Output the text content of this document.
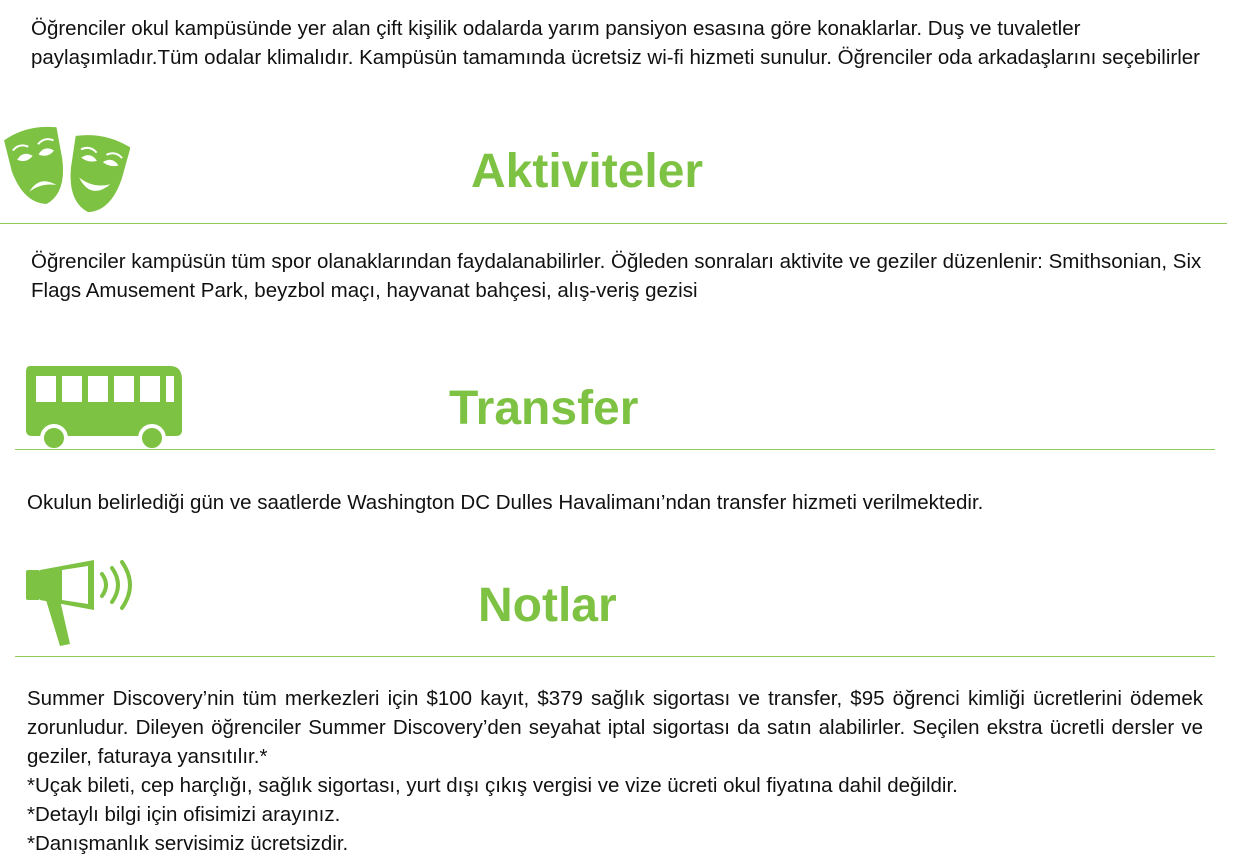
Öğrenciler okul kampüsünde yer alan çift kişilik odalarda yarım pansiyon esasına göre konaklarlar. Duş ve tuvaletler paylaşımladır.Tüm odalar klimalıdır. Kampüsün tamamında ücretsiz wi-fi hizmeti sunulur. Öğrenciler oda arkadaşlarını seçebilirler

Aktiviteler

Öğrenciler kampüsün tüm spor olanaklarından faydalanabilirler. Öğleden sonraları aktivite ve geziler düzenlenir: Smithsonian, Six Flags Amusement Park, beyzbol maçı, hayvanat bahçesi, alış-veriş gezisi

Transfer

Okulun belirlediği gün ve saatlerde Washington DC Dulles Havalimanı’ndan transfer hizmeti verilmektedir.

Notlar

Summer Discovery’nin tüm merkezleri için $100 kayıt, $379 sağlık sigortası ve transfer, $95 öğrenci kimliği ücretlerini ödemek zorunludur. Dileyen öğrenciler Summer Discovery’den seyahat iptal sigortası da satın alabilirler. Seçilen ekstra ücretli dersler ve geziler, faturaya yansıtılır.*

*Uçak bileti, cep harçlığı, sağlık sigortası, yurt dışı çıkış vergisi ve vize ücreti okul fiyatına dahil değildir.

*Detaylı bilgi için ofisimizi arayınız.

*Danışmanlık servisimiz ücretsizdir.
